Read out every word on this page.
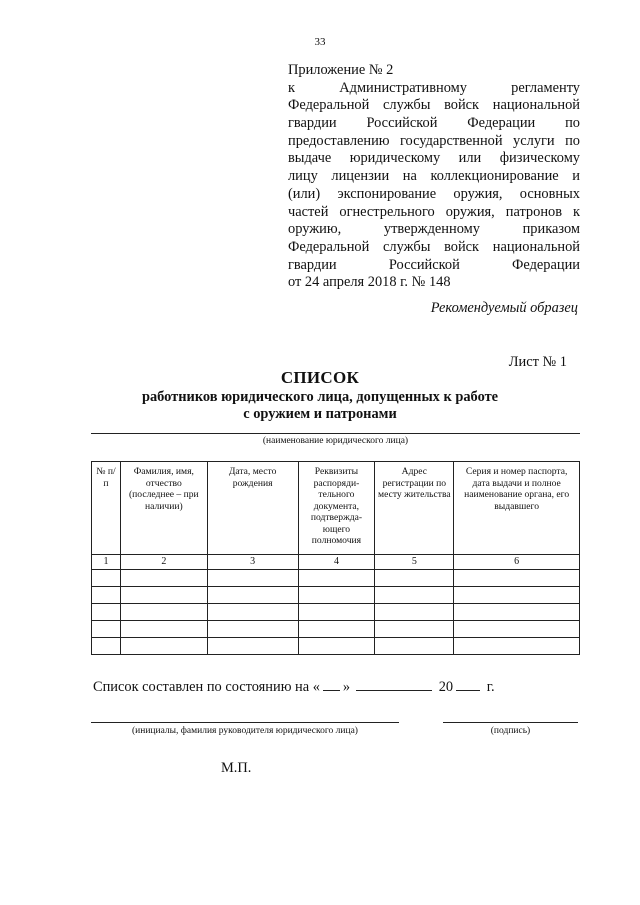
33
Приложение № 2
к Административному регламенту
Федеральной службы войск национальной
гвардии Российской Федерации по
предоставлению государственной услуги по
выдаче юридическому или физическому
лицу лицензии на коллекционирование и
(или) экспонирование оружия, основных
частей огнестрельного оружия, патронов к
оружию, утвержденному приказом
Федеральной службы войск национальной
гвардии Российской Федерации
от 24 апреля 2018 г. № 148
Рекомендуемый образец
Лист № 1
СПИСОК
работников юридического лица, допущенных к работе
с оружием и патронами
(наименование юридического лица)
№ п/п	Фамилия, имя, отчество (последнее – при наличии)	Дата, место рождения	Реквизиты распоряди-тельного документа, подтвержда-ющего полномочия	Адрес регистрации по месту жительства	Серия и номер паспорта, дата выдачи и полное наименование органа, его выдавшего
1	2	3	4	5	6

Список составлен по состоянию на « »	20 г.
(инициалы, фамилия руководителя юридического лица)	(подпись)
М.П.
